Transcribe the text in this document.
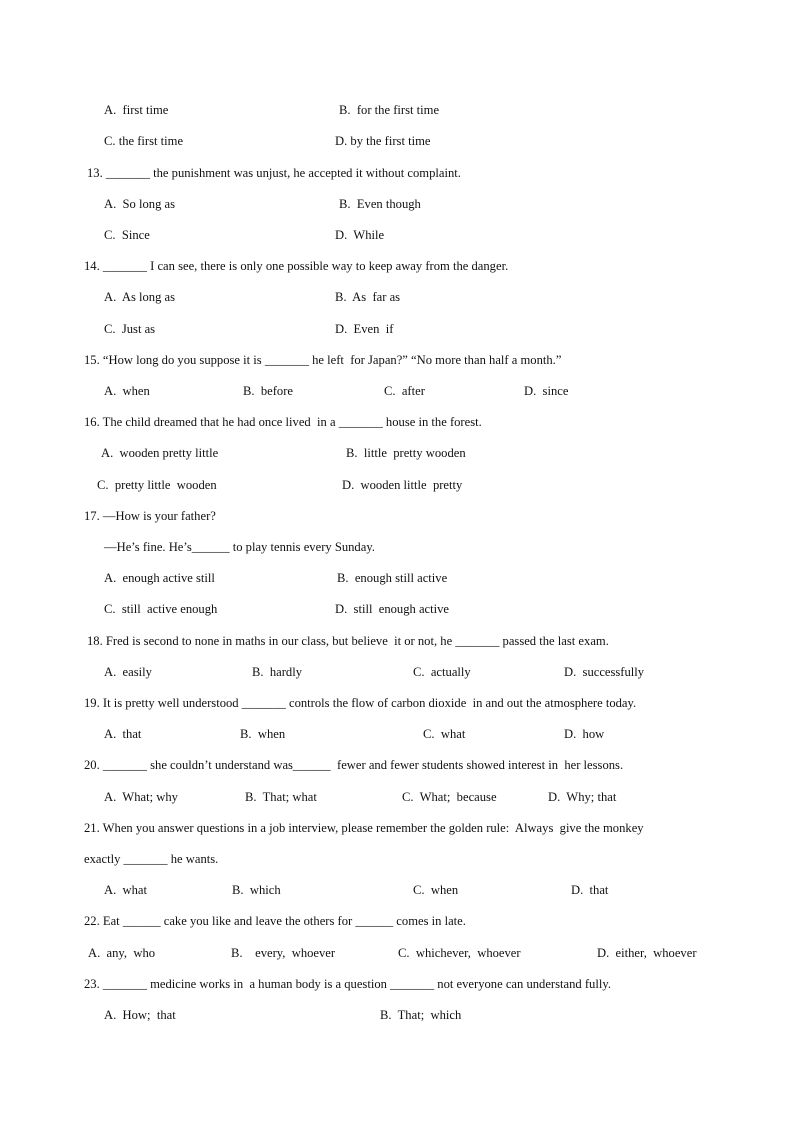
A.  first time	B.  for the first time
C. the first time	D. by the first time
13. _______ the punishment was unjust, he accepted it without complaint.
A.  So long as	B.  Even though
C.  Since	D.  While
14. _______ I can see, there is only one possible way to keep away from the danger.
A.  As long as	B.  As  far as
C.  Just as	D.  Even  if
15. “How long do you suppose it is _______ he left  for Japan?” “No more than half a month.”
A.  when	B.  before	C.  after	D.  since
16. The child dreamed that he had once lived  in a _______ house in the forest.
A.  wooden pretty little	B.  little  pretty wooden
C.  pretty little  wooden	D.  wooden little  pretty
17. —How is your father?
—He’s fine. He’s______ to play tennis every Sunday.
A.  enough active still	B.  enough still active
C.  still  active enough	D.  still  enough active
18. Fred is second to none in maths in our class, but believe  it or not, he _______ passed the last exam.
A.  easily	B.  hardly	C.  actually	D.  successfully
19. It is pretty well understood _______ controls the flow of carbon dioxide  in and out the atmosphere today.
A.  that	B.  when	C.  what	D.  how
20. _______ she couldn’t understand was______  fewer and fewer students showed interest in  her lessons.
A.  What; why	B.  That; what	C.  What;  because	D.  Why; that
21. When you answer questions in a job interview, please remember the golden rule:  Always  give the monkey
exactly _______ he wants.
A.  what	B.  which	C.  when	D.  that
22. Eat ______ cake you like and leave the others for ______ comes in late.
A.  any,  who	B.    every,  whoever	C.  whichever,  whoever	D.  either,  whoever
23. _______ medicine works in  a human body is a question _______ not everyone can understand fully.
A.  How;  that	B.  That;  which
